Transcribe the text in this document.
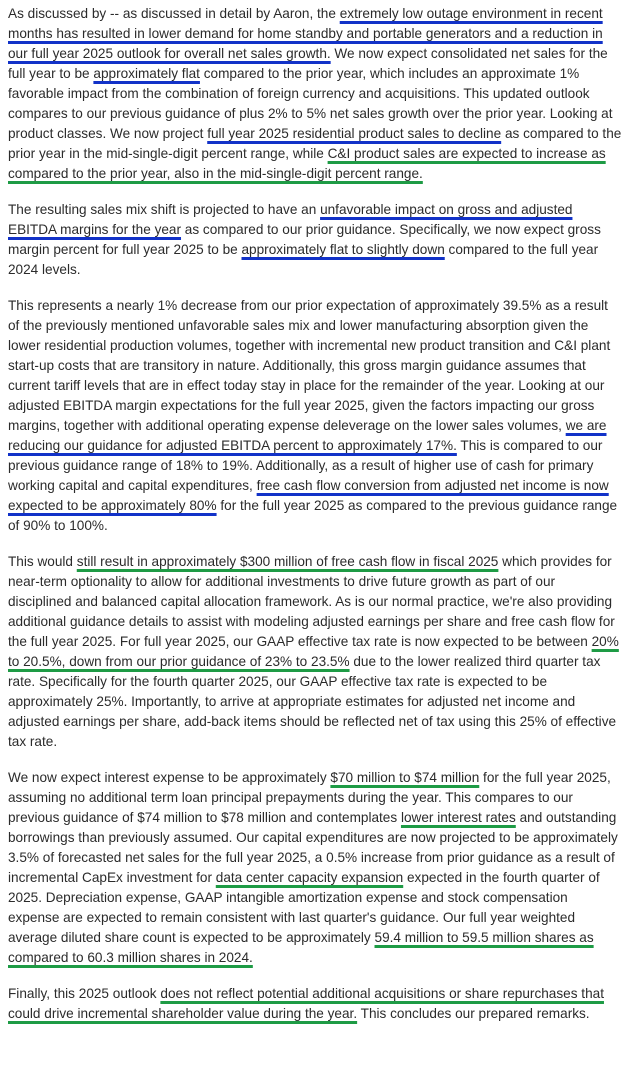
As discussed by -- as discussed in detail by Aaron, the extremely low outage environment in recent months has resulted in lower demand for home standby and portable generators and a reduction in our full year 2025 outlook for overall net sales growth. We now expect consolidated net sales for the full year to be approximately flat compared to the prior year, which includes an approximate 1% favorable impact from the combination of foreign currency and acquisitions. This updated outlook compares to our previous guidance of plus 2% to 5% net sales growth over the prior year. Looking at product classes. We now project full year 2025 residential product sales to decline as compared to the prior year in the mid-single-digit percent range, while C&I product sales are expected to increase as compared to the prior year, also in the mid-single-digit percent range.

The resulting sales mix shift is projected to have an unfavorable impact on gross and adjusted EBITDA margins for the year as compared to our prior guidance. Specifically, we now expect gross margin percent for full year 2025 to be approximately flat to slightly down compared to the full year 2024 levels.

This represents a nearly 1% decrease from our prior expectation of approximately 39.5% as a result of the previously mentioned unfavorable sales mix and lower manufacturing absorption given the lower residential production volumes, together with incremental new product transition and C&I plant start-up costs that are transitory in nature. Additionally, this gross margin guidance assumes that current tariff levels that are in effect today stay in place for the remainder of the year. Looking at our adjusted EBITDA margin expectations for the full year 2025, given the factors impacting our gross margins, together with additional operating expense deleverage on the lower sales volumes, we are reducing our guidance for adjusted EBITDA percent to approximately 17%. This is compared to our previous guidance range of 18% to 19%. Additionally, as a result of higher use of cash for primary working capital and capital expenditures, free cash flow conversion from adjusted net income is now expected to be approximately 80% for the full year 2025 as compared to the previous guidance range of 90% to 100%.

This would still result in approximately $300 million of free cash flow in fiscal 2025 which provides for near-term optionality to allow for additional investments to drive future growth as part of our disciplined and balanced capital allocation framework. As is our normal practice, we're also providing additional guidance details to assist with modeling adjusted earnings per share and free cash flow for the full year 2025. For full year 2025, our GAAP effective tax rate is now expected to be between 20% to 20.5%, down from our prior guidance of 23% to 23.5% due to the lower realized third quarter tax rate. Specifically for the fourth quarter 2025, our GAAP effective tax rate is expected to be approximately 25%. Importantly, to arrive at appropriate estimates for adjusted net income and adjusted earnings per share, add-back items should be reflected net of tax using this 25% of effective tax rate.

We now expect interest expense to be approximately $70 million to $74 million for the full year 2025, assuming no additional term loan principal prepayments during the year. This compares to our previous guidance of $74 million to $78 million and contemplates lower interest rates and outstanding borrowings than previously assumed. Our capital expenditures are now projected to be approximately 3.5% of forecasted net sales for the full year 2025, a 0.5% increase from prior guidance as a result of incremental CapEx investment for data center capacity expansion expected in the fourth quarter of 2025. Depreciation expense, GAAP intangible amortization expense and stock compensation expense are expected to remain consistent with last quarter's guidance. Our full year weighted average diluted share count is expected to be approximately 59.4 million to 59.5 million shares as compared to 60.3 million shares in 2024.

Finally, this 2025 outlook does not reflect potential additional acquisitions or share repurchases that could drive incremental shareholder value during the year. This concludes our prepared remarks.
